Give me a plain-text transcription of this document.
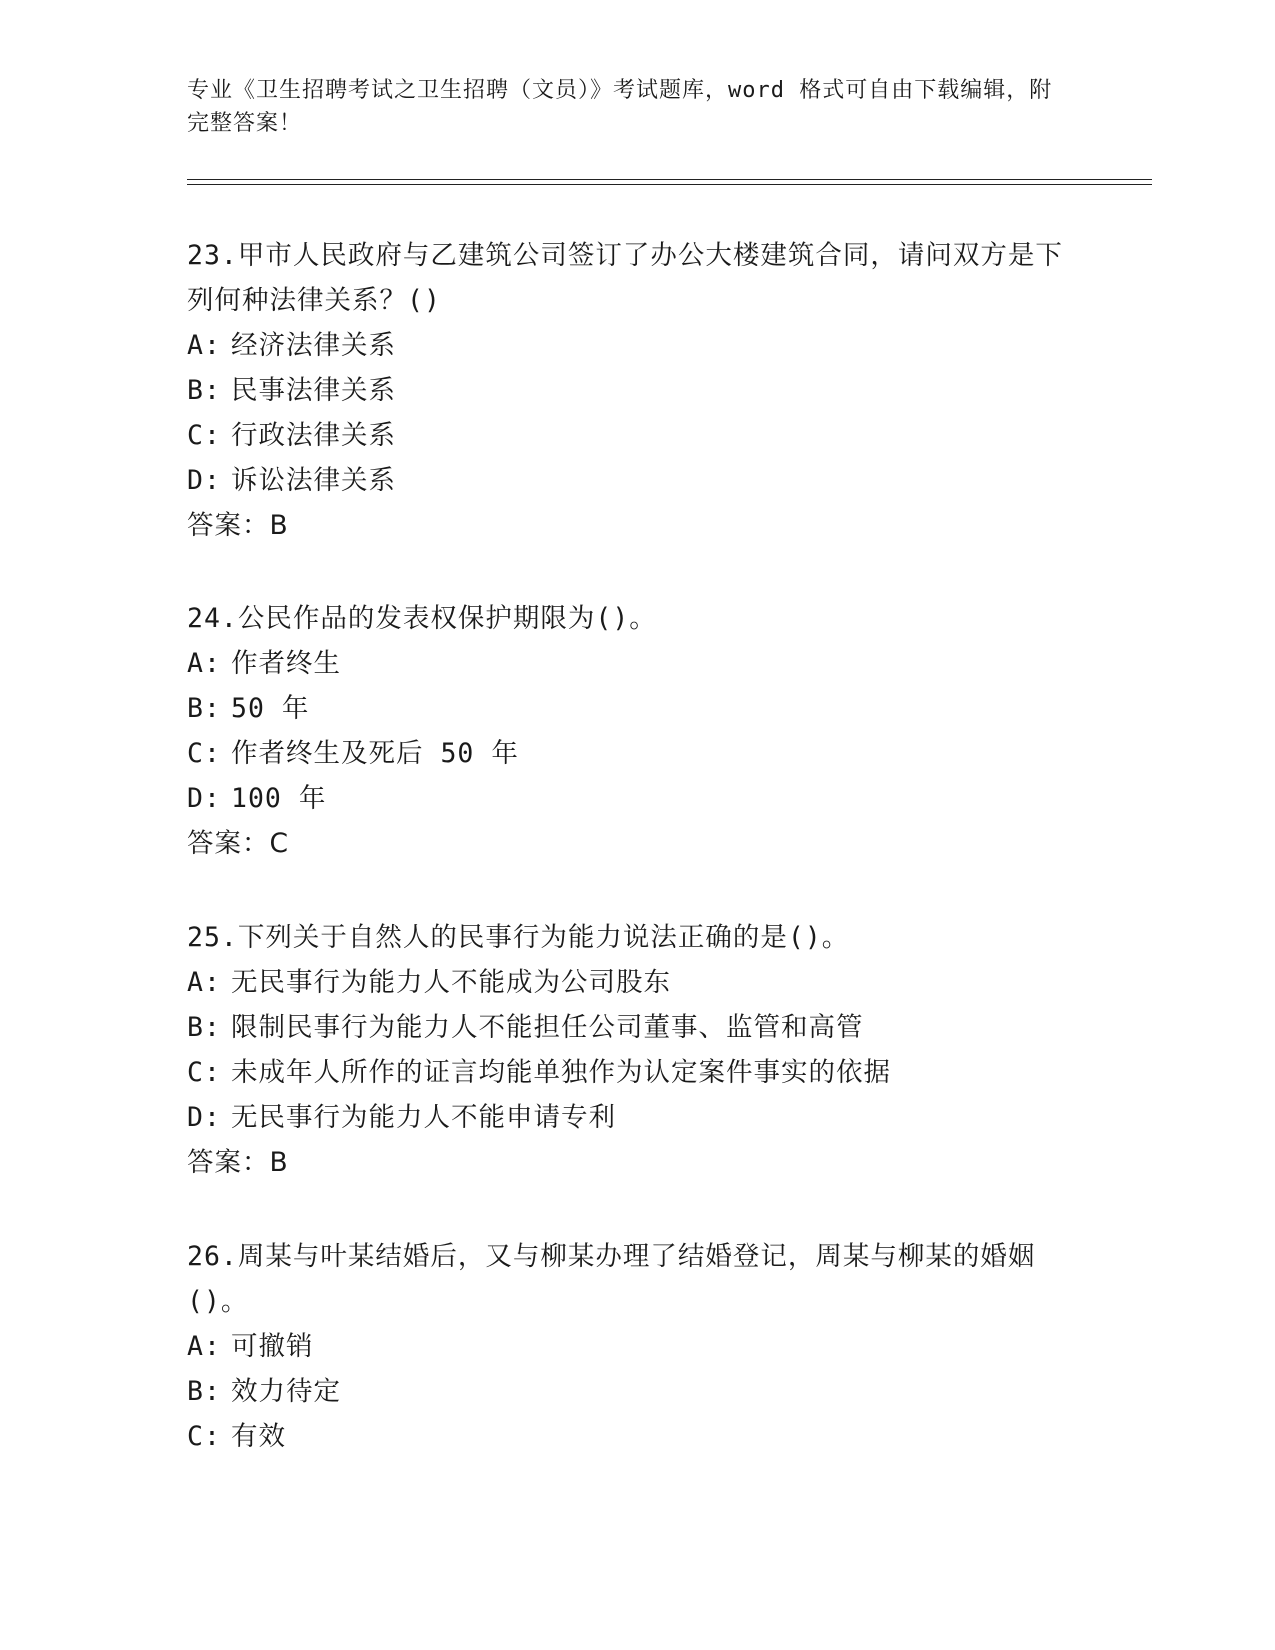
专业《卫生招聘考试之卫生招聘（文员）》考试题库，word 格式可自由下载编辑，附完整答案！

23.甲市人民政府与乙建筑公司签订了办公大楼建筑合同，请问双方是下列何种法律关系？()

A: 经济法律关系
B: 民事法律关系
C: 行政法律关系
D: 诉讼法律关系
答案：B

24.公民作品的发表权保护期限为()。

A: 作者终生
B: 50 年
C: 作者终生及死后 50 年
D: 100 年
答案：C

25.下列关于自然人的民事行为能力说法正确的是()。

A: 无民事行为能力人不能成为公司股东
B: 限制民事行为能力人不能担任公司董事、监管和高管
C: 未成年人所作的证言均能单独作为认定案件事实的依据
D: 无民事行为能力人不能申请专利
答案：B

26.周某与叶某结婚后，又与柳某办理了结婚登记，周某与柳某的婚姻()。

A: 可撤销
B: 效力待定
C: 有效
